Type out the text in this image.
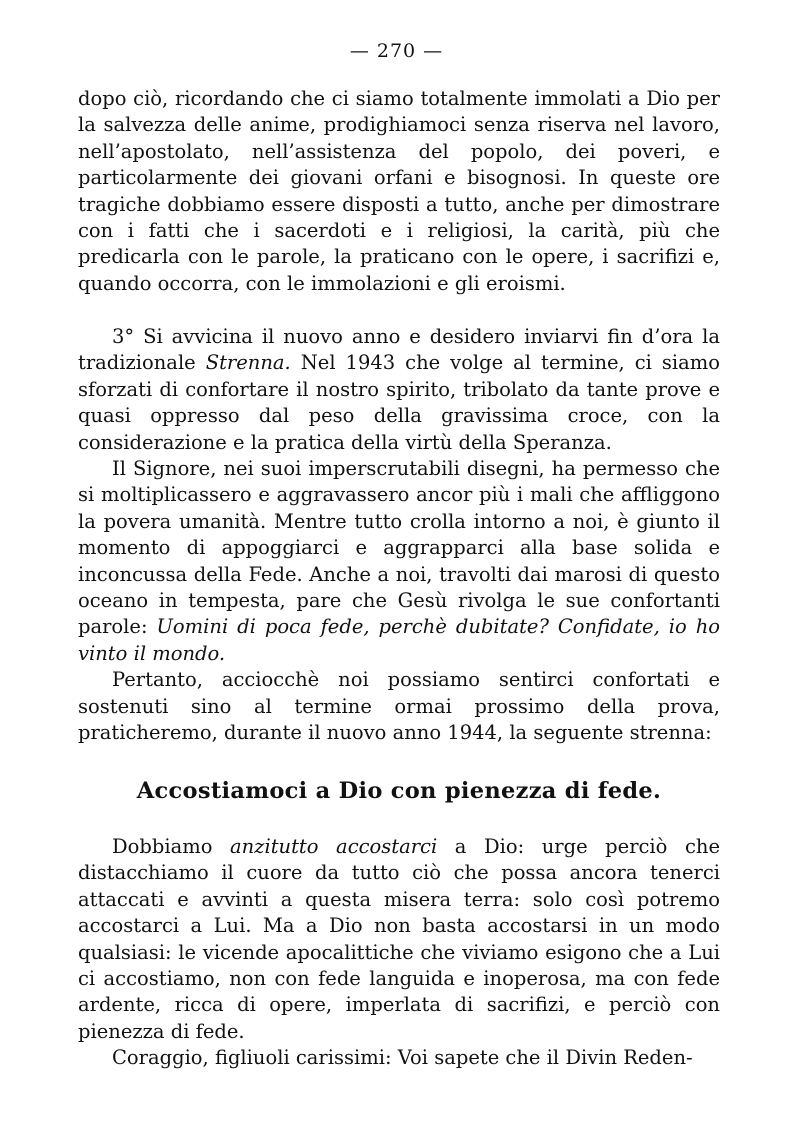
— 270 —

dopo ciò, ricordando che ci siamo totalmente immolati a Dio per la salvezza delle anime, prodighiamoci senza riserva nel lavoro, nell’apostolato, nell’assistenza del popolo, dei poveri, e particolarmente dei giovani orfani e bisognosi. In queste ore tragiche dobbiamo essere disposti a tutto, anche per dimostrare con i fatti che i sacerdoti e i religiosi, la carità, più che predicarla con le parole, la praticano con le opere, i sacrifizi e, quando occorra, con le immolazioni e gli eroismi.

3° Si avvicina il nuovo anno e desidero inviarvi fin d’ora la tradizionale Strenna. Nel 1943 che volge al termine, ci siamo sforzati di confortare il nostro spirito, tribolato da tante prove e quasi oppresso dal peso della gravissima croce, con la considerazione e la pratica della virtù della Speranza.

Il Signore, nei suoi imperscrutabili disegni, ha permesso che si moltiplicassero e aggravassero ancor più i mali che affliggono la povera umanità. Mentre tutto crolla intorno a noi, è giunto il momento di appoggiarci e aggrapparci alla base solida e inconcussa della Fede. Anche a noi, travolti dai marosi di questo oceano in tempesta, pare che Gesù rivolga le sue confortanti parole: Uomini di poca fede, perchè dubitate? Confidate, io ho vinto il mondo.

Pertanto, acciocchè noi possiamo sentirci confortati e sostenuti sino al termine ormai prossimo della prova, praticheremo, durante il nuovo anno 1944, la seguente strenna:

Accostiamoci a Dio con pienezza di fede.

Dobbiamo anzitutto accostarci a Dio: urge perciò che distacchiamo il cuore da tutto ciò che possa ancora tenerci attaccati e avvinti a questa misera terra: solo così potremo accostarci a Lui. Ma a Dio non basta accostarsi in un modo qualsiasi: le vicende apocalittiche che viviamo esigono che a Lui ci accostiamo, non con fede languida e inoperosa, ma con fede ardente, ricca di opere, imperlata di sacrifizi, e perciò con pienezza di fede.

Coraggio, figliuoli carissimi: Voi sapete che il Divin Reden-
